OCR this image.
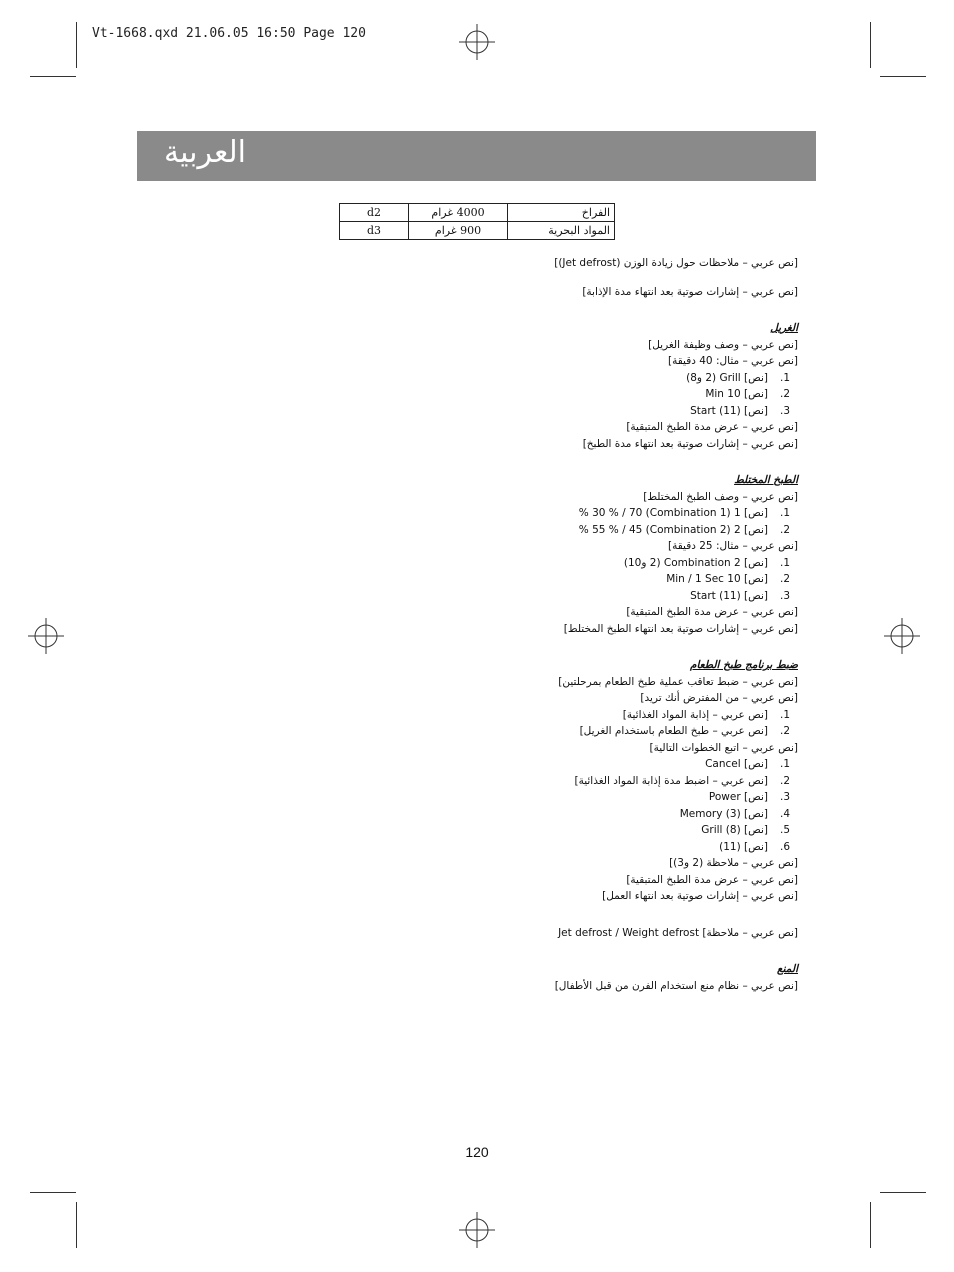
Vt-1668.qxd 21.06.05 16:50 Page 120
العربية
d2	4000 غرام	الفراخ
d3	900 غرام	المواد البحرية

[نص عربي – ملاحظات حول زيادة الوزن (Jet defrost)]

[نص عربي – إشارات صوتية بعد انتهاء مدة الإذابة]

الغريل

[نص عربي – وصف وظيفة الغريل]

[نص عربي – مثال: 40 دقيقة]

1.
[نص] Grill (2 و8)

2.
[نص] 10 Min

3.
[نص] Start (11)

[نص عربي – عرض مدة الطبخ المتبقية]

[نص عربي – إشارات صوتية بعد انتهاء مدة الطبخ]

الطبخ المختلط

[نص عربي – وصف الطبخ المختلط]

1.
[نص] 1 (Combination 1) 30 % / 70 %

2.
[نص] 2 (Combination 2) 55 % / 45 %

[نص عربي – مثال: 25 دقيقة]

1.
[نص] Combination 2 (2 و10)

2.
[نص] 10 Min / 1 Sec

3.
[نص] Start (11)

[نص عربي – عرض مدة الطبخ المتبقية]

[نص عربي – إشارات صوتية بعد انتهاء الطبخ المختلط]

ضبط برنامج طبخ الطعام

[نص عربي – ضبط تعاقب عملية طبخ الطعام بمرحلتين]

[نص عربي – من المفترض أنك تريد]

1.
[نص عربي – إذابة المواد الغذائية]

2.
[نص عربي – طبخ الطعام باستخدام الغريل]

[نص عربي – اتبع الخطوات التالية]

1.
[نص] Cancel

2.
[نص عربي – اضبط مدة إذابة المواد الغذائية]

3.
[نص] Power

4.
[نص] Memory (3)

5.
[نص] Grill (8)

6.
[نص] (11)

[نص عربي – ملاحظة (2 و3)]

[نص عربي – عرض مدة الطبخ المتبقية]

[نص عربي – إشارات صوتية بعد انتهاء العمل]

[نص عربي – ملاحظة] Jet defrost / Weight defrost

المنع

[نص عربي – نظام منع استخدام الفرن من قبل الأطفال]

120
